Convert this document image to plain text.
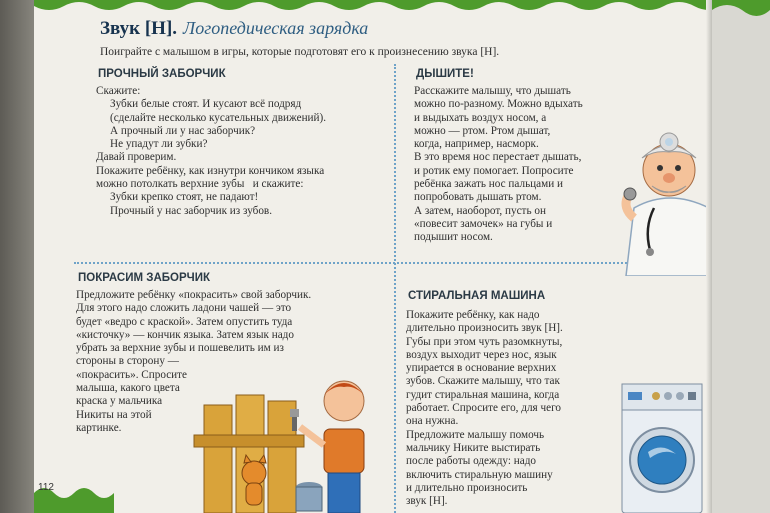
Звук [Н]. Логопедическая зарядка
Поиграйте с малышом в игры, которые подготовят его к произнесению звука [Н].
ПРОЧНЫЙ ЗАБОРЧИК
Скажите:
Зубки белые стоят. И кусают всё подряд
(сделайте несколько кусательных движений).
А прочный ли у нас заборчик?
Не упадут ли зубки?
Давай проверим.
Покажите ребёнку, как изнутри кончиком языка
можно потолкать верхние зубы   и скажите:
Зубки крепко стоят, не падают!
Прочный у нас заборчик из зубов.
ДЫШИТЕ!
Расскажите малышу, что дышать
можно по-разному. Можно вдыхать
и выдыхать воздух носом, а
можно — ртом. Ртом дышат,
когда, например, насморк.
В это время нос перестает дышать,
и ротик ему помогает. Попросите
ребёнка зажать нос пальцами и
попробовать дышать ртом.
А затем, наоборот, пусть он
«повесит замочек» на губы и
подышит носом.
ПОКРАСИМ ЗАБОРЧИК
Предложите ребёнку «покрасить» свой заборчик.
Для этого надо сложить ладони чашей — это
будет «ведро с краской». Затем опустить туда
«кисточку» — кончик языка. Затем язык надо
убрать за верхние зубы и пошевелить им из
стороны в сторону —
«покрасить». Спросите
малыша, какого цвета
краска у мальчика
Никиты на этой
картинке.
СТИРАЛЬНАЯ МАШИНА
Покажите ребёнку, как надо
длительно произносить звук [Н].
Губы при этом чуть разомкнуты,
воздух выходит через нос, язык
упирается в основание верхних
зубов. Скажите малышу, что так
гудит стиральная машина, когда
работает. Спросите его, для чего
она нужна.
Предложите малышу помочь
мальчику Никите выстирать
после работы одежду: надо
включить стиральную машину
и длительно произносить
звук [Н].
112
